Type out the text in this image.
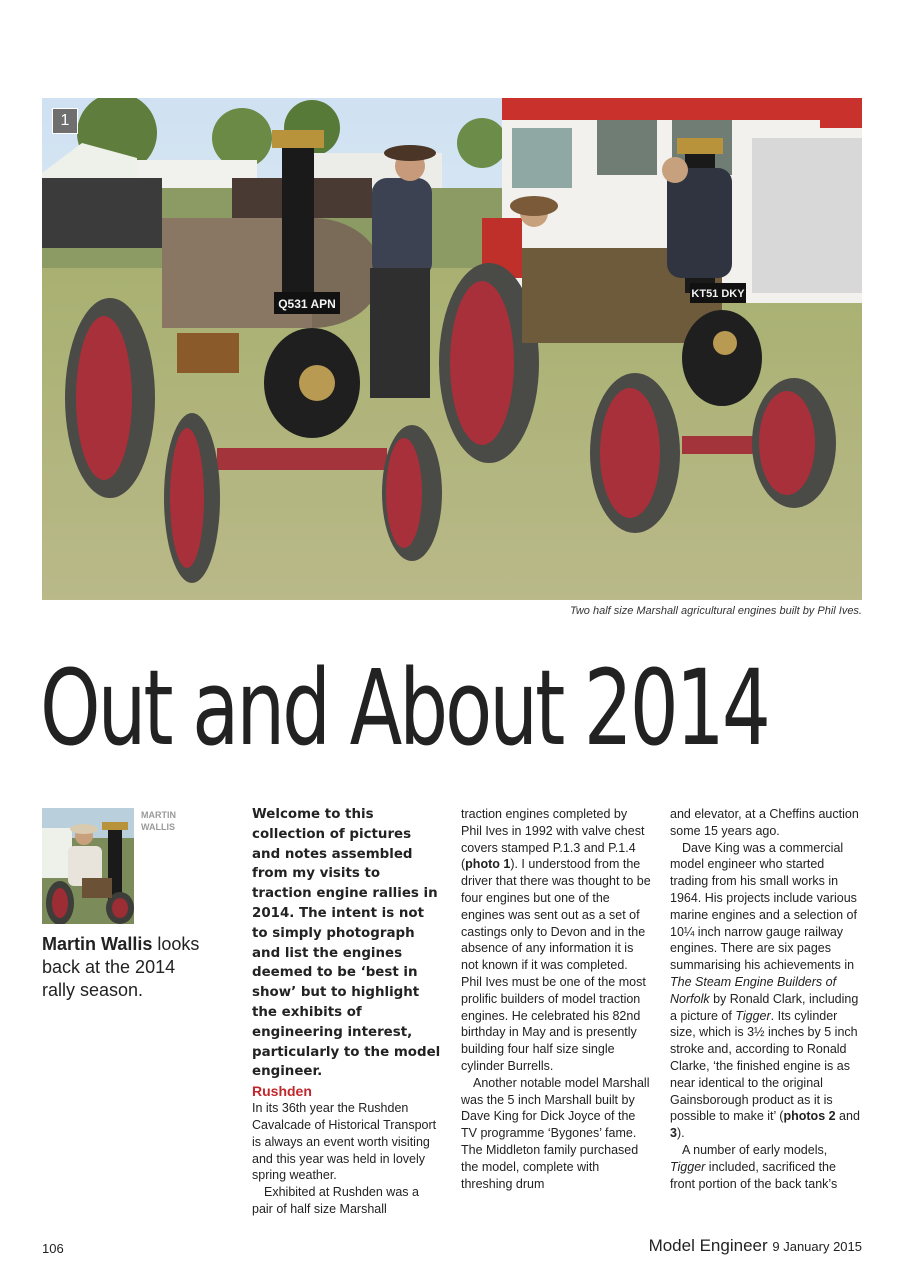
1
Q531 APN
KT51 DKY
Two half size Marshall agricultural engines built by Phil Ives.
Out and About 2014
MARTIN WALLIS
Martin Wallis looks back at the 2014 rally season.

Welcome to this collection of pictures and notes assembled from my visits to traction engine rallies in 2014. The intent is not to simply photograph and list the engines deemed to be ‘best in show’ but to highlight the exhibits of engineering interest, particularly to the model engineer.

Rushden

In its 36th year the Rushden Cavalcade of Historical Transport is always an event worth visiting and this year was held in lovely spring weather.

Exhibited at Rushden was a pair of half size Marshall

traction engines completed by Phil Ives in 1992 with valve chest covers stamped P.1.3 and P.1.4 (photo 1). I understood from the driver that there was thought to be four engines but one of the engines was sent out as a set of castings only to Devon and in the absence of any information it is not known if it was completed. Phil Ives must be one of the most prolific builders of model traction engines. He celebrated his 82nd birthday in May and is presently building four half size single cylinder Burrells.

Another notable model Marshall was the 5 inch Marshall built by Dave King for Dick Joyce of the TV programme ‘Bygones’ fame. The Middleton family purchased the model, complete with threshing drum

and elevator, at a Cheffins auction some 15 years ago.

Dave King was a commercial model engineer who started trading from his small works in 1964. His projects include various marine engines and a selection of 10¼ inch narrow gauge railway engines. There are six pages summarising his achievements in The Steam Engine Builders of Norfolk by Ronald Clark, including a picture of Tigger. Its cylinder size, which is 3½ inches by 5 inch stroke and, according to Ronald Clarke, ‘the finished engine is as near identical to the original Gainsborough product as it is possible to make it’ (photos 2 and 3).

A number of early models, Tigger included, sacrificed the front portion of the back tank’s

106	Model Engineer 9 January 2015
